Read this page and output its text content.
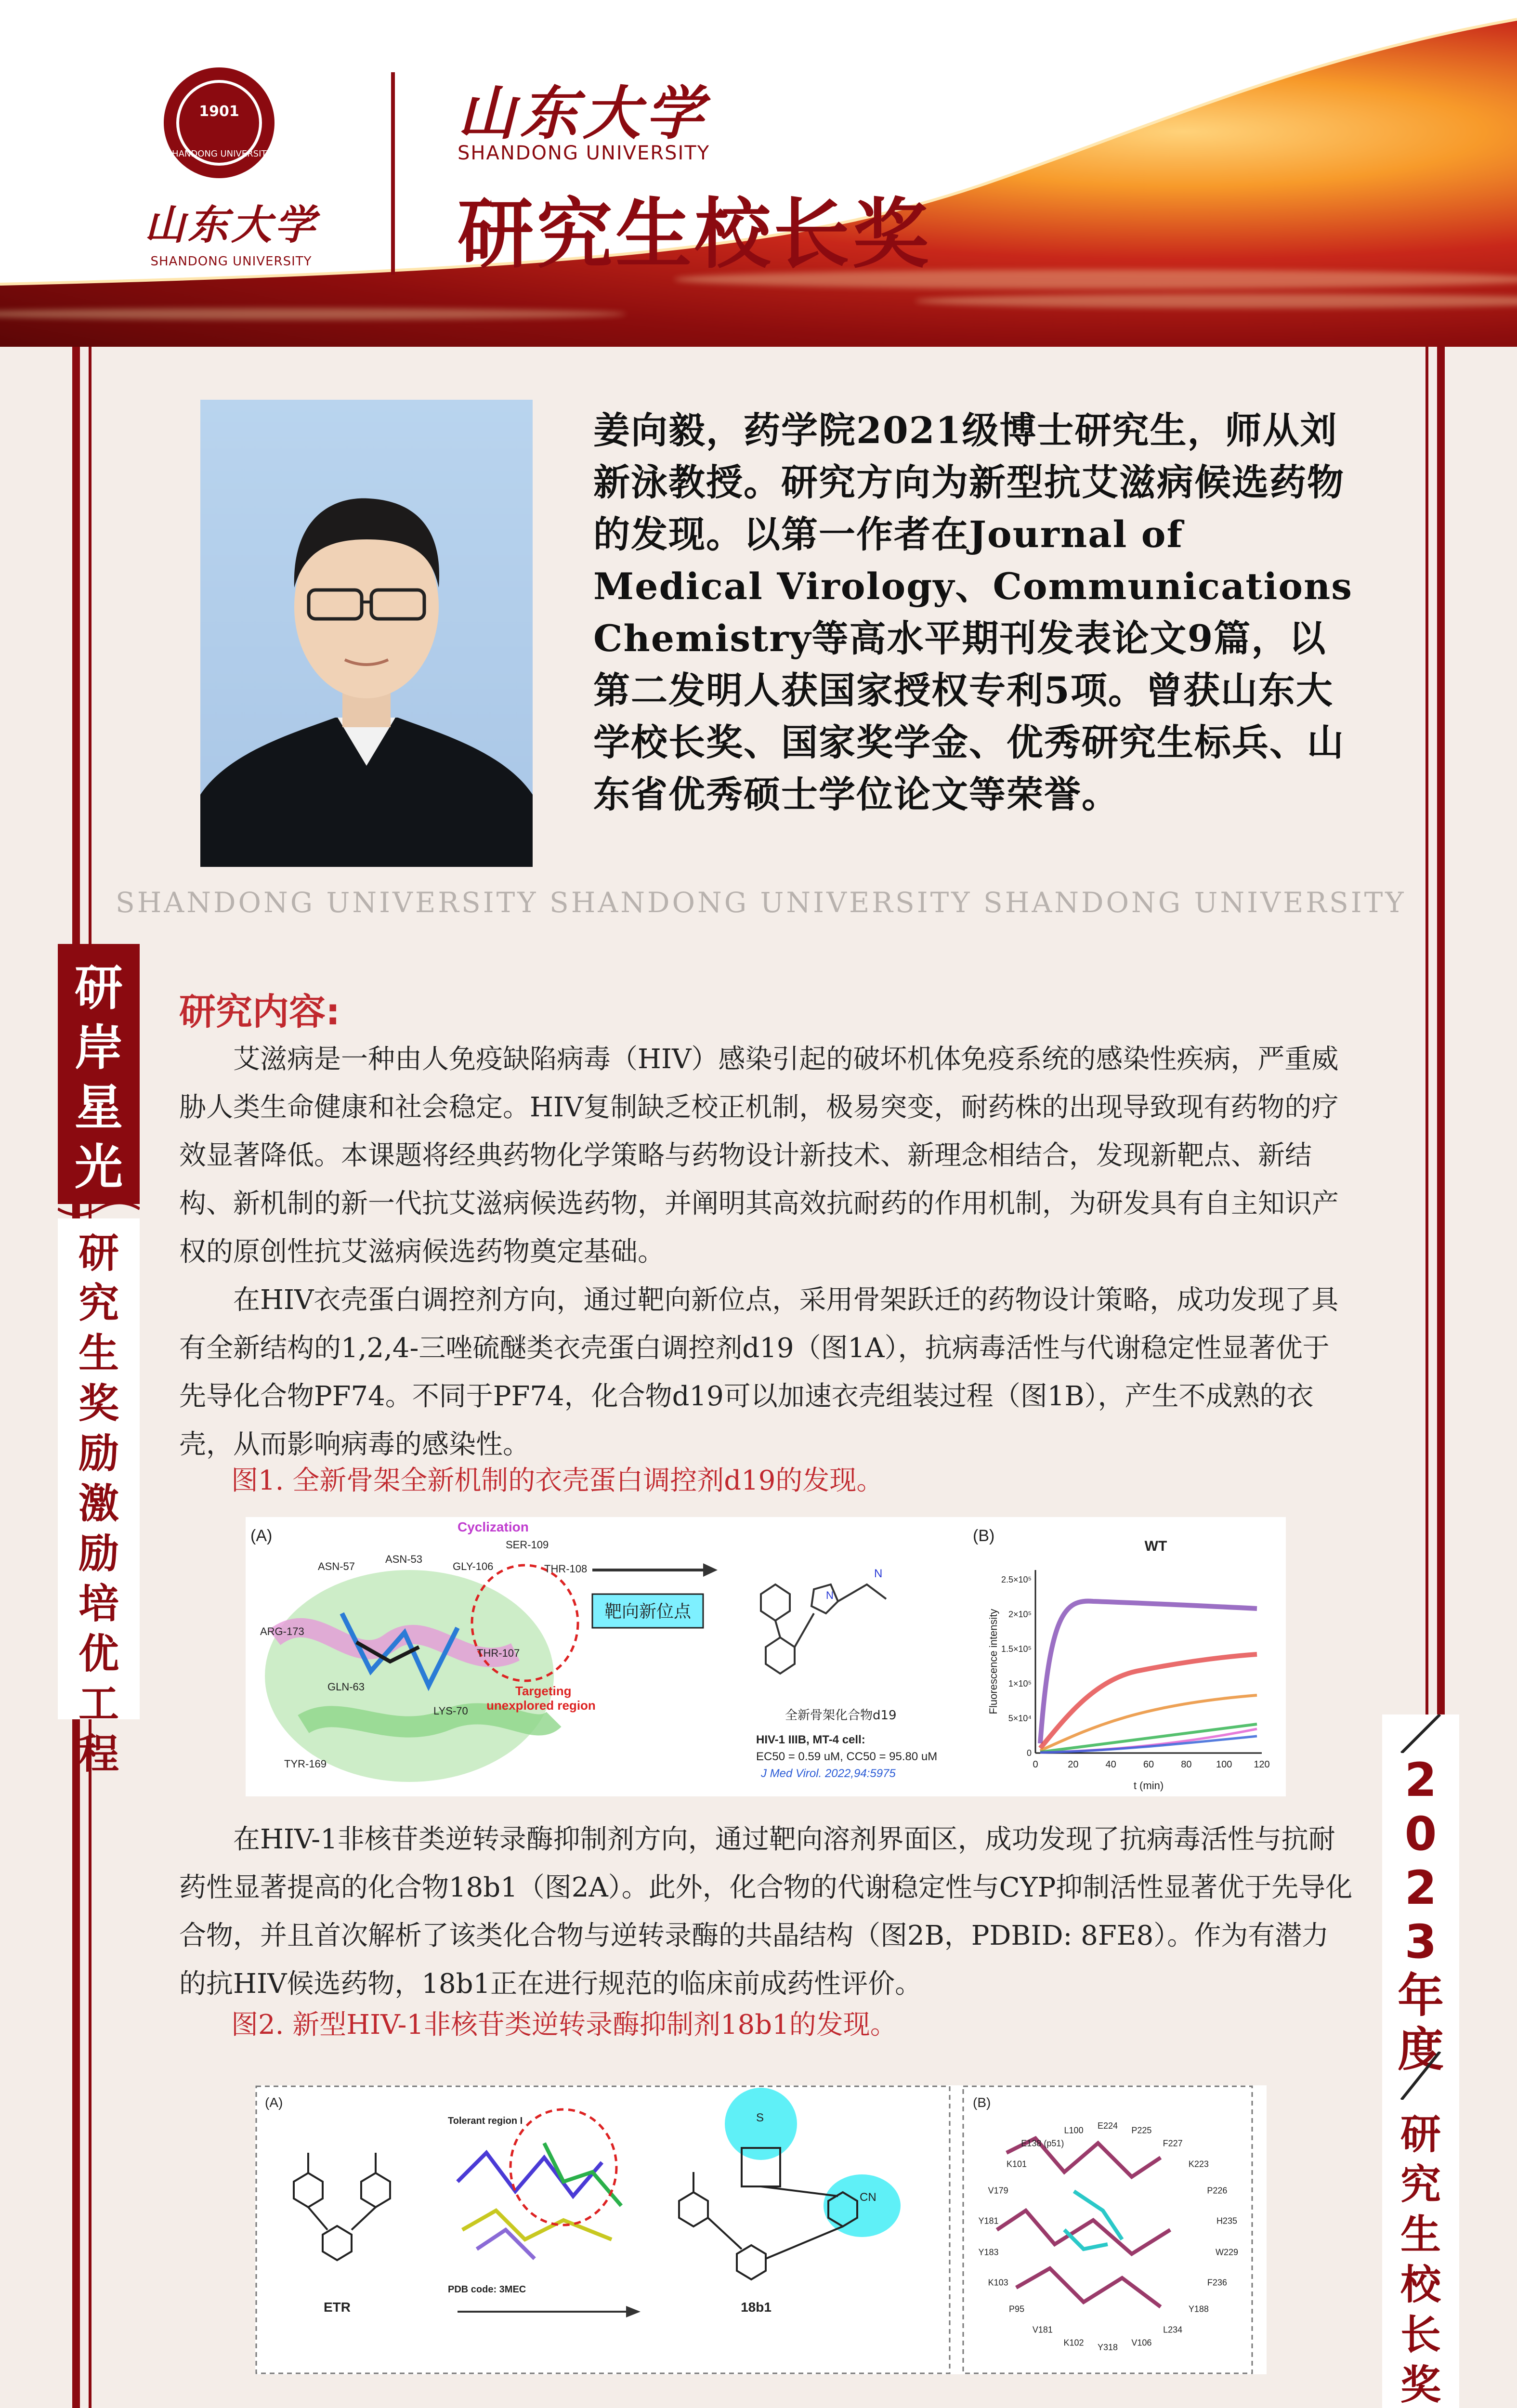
1901
SHANDONG UNIVERSITY
山东大学
SHANDONG UNIVERSITY
山东大学
SHANDONG UNIVERSITY
研究生校长奖
姜向毅，药学院2021级博士研究生，师从刘新泳教授。研究方向为新型抗艾滋病候选药物的发现。以第一作者在Journal of Medical Virology、Communications Chemistry等高水平期刊发表论文9篇，以第二发明人获国家授权专利5项。曾获山东大学校长奖、国家奖学金、优秀研究生标兵、山东省优秀硕士学位论文等荣誉。
SHANDONG UNIVERSITY SHANDONG UNIVERSITY SHANDONG UNIVERSITY
研岸星光
研究生奖励激励培优工程	2023年度
研究生校长奖
研究内容:
艾滋病是一种由人免疫缺陷病毒（HIV）感染引起的破坏机体免疫系统的感染性疾病，严重威胁人类生命健康和社会稳定。HIV复制缺乏校正机制，极易突变，耐药株的出现导致现有药物的疗效显著降低。本课题将经典药物化学策略与药物设计新技术、新理念相结合，发现新靶点、新结构、新机制的新一代抗艾滋病候选药物，并阐明其高效抗耐药的作用机制，为研发具有自主知识产权的原创性抗艾滋病候选药物奠定基础。
在HIV衣壳蛋白调控剂方向，通过靶向新位点，采用骨架跃迁的药物设计策略，成功发现了具有全新结构的1,2,4-三唑硫醚类衣壳蛋白调控剂d19（图1A），抗病毒活性与代谢稳定性显著优于先导化合物PF74。不同于PF74，化合物d19可以加速衣壳组装过程（图1B），产生不成熟的衣壳，从而影响病毒的感染性。
图1. 全新骨架全新机制的衣壳蛋白调控剂d19的发现。
(A)	Cyclization
ASN-57
ASN-53
GLY-106
SER-109
THR-108
ARG-173
THR-107
GLN-63
LYS-70
TYR-169
Targeting
unexplored region
靶向新位点
N
N
全新骨架化合物d19
HIV-1 IIIB, MT-4 cell:
EC50 = 0.59 uM, CC50 = 95.80 uM
J Med Virol. 2022,94:5975
(B)
WT
Fluorescence intensity
t (min)
0	20	40	60	80	100 120
0
5×10⁴
1×10⁵
1.5×10⁵
2×10⁵
2.5×10⁵
在HIV-1非核苷类逆转录酶抑制剂方向，通过靶向溶剂界面区，成功发现了抗病毒活性与抗耐药性显著提高的化合物18b1（图2A）。此外，化合物的代谢稳定性与CYP抑制活性显著优于先导化合物，并且首次解析了该类化合物与逆转录酶的共晶结构（图2B，PDBID: 8FE8）。作为有潜力的抗HIV候选药物，18b1正在进行规范的临床前成药性评价。
图2. 新型HIV-1非核苷类逆转录酶抑制剂18b1的发现。
(A)	(B)
ETR
Tolerant region I
PDB code: 3MEC
S
CN
18b1
E224 P225
F227
K223
P226
H235
W229
F236
Y188
L234
V106
Y318
K102
V181
P95
K103
Y183
Y181
V179
K101
E138 (p51)
L100
